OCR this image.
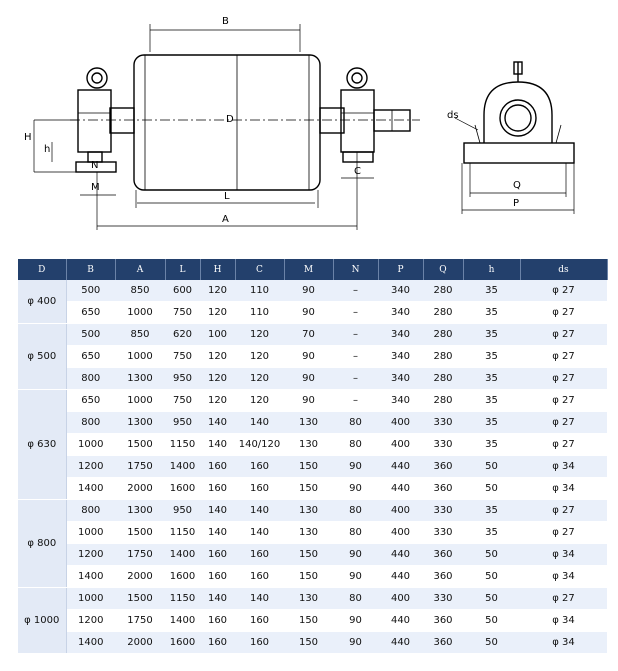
B
D
L
A
H
h
N
M
C
ds
Q
P
D	B	A	L	H	C	M	N	P	Q	h	ds
φ 400	500	850	600	120	110	90	–	340	280	35	φ 27
	650	1000	750	120	110	90	–	340	280	35	φ 27
φ 500	500	850	620	100	120	70	–	340	280	35	φ 27
	650	1000	750	120	120	90	–	340	280	35	φ 27
	800	1300	950	120	120	90	–	340	280	35	φ 27
φ 630	650	1000	750	120	120	90	–	340	280	35	φ 27
	800	1300	950	140	140	130	80	400	330	35	φ 27
	1000	1500	1150	140	140/120	130	80	400	330	35	φ 27
	1200	1750	1400	160	160	150	90	440	360	50	φ 34
	1400	2000	1600	160	160	150	90	440	360	50	φ 34
φ 800	800	1300	950	140	140	130	80	400	330	35	φ 27
	1000	1500	1150	140	140	130	80	400	330	35	φ 27
	1200	1750	1400	160	160	150	90	440	360	50	φ 34
	1400	2000	1600	160	160	150	90	440	360	50	φ 34
φ 1000	1000	1500	1150	140	140	130	80	400	330	50	φ 27
	1200	1750	1400	160	160	150	90	440	360	50	φ 34
	1400	2000	1600	160	160	150	90	440	360	50	φ 34
